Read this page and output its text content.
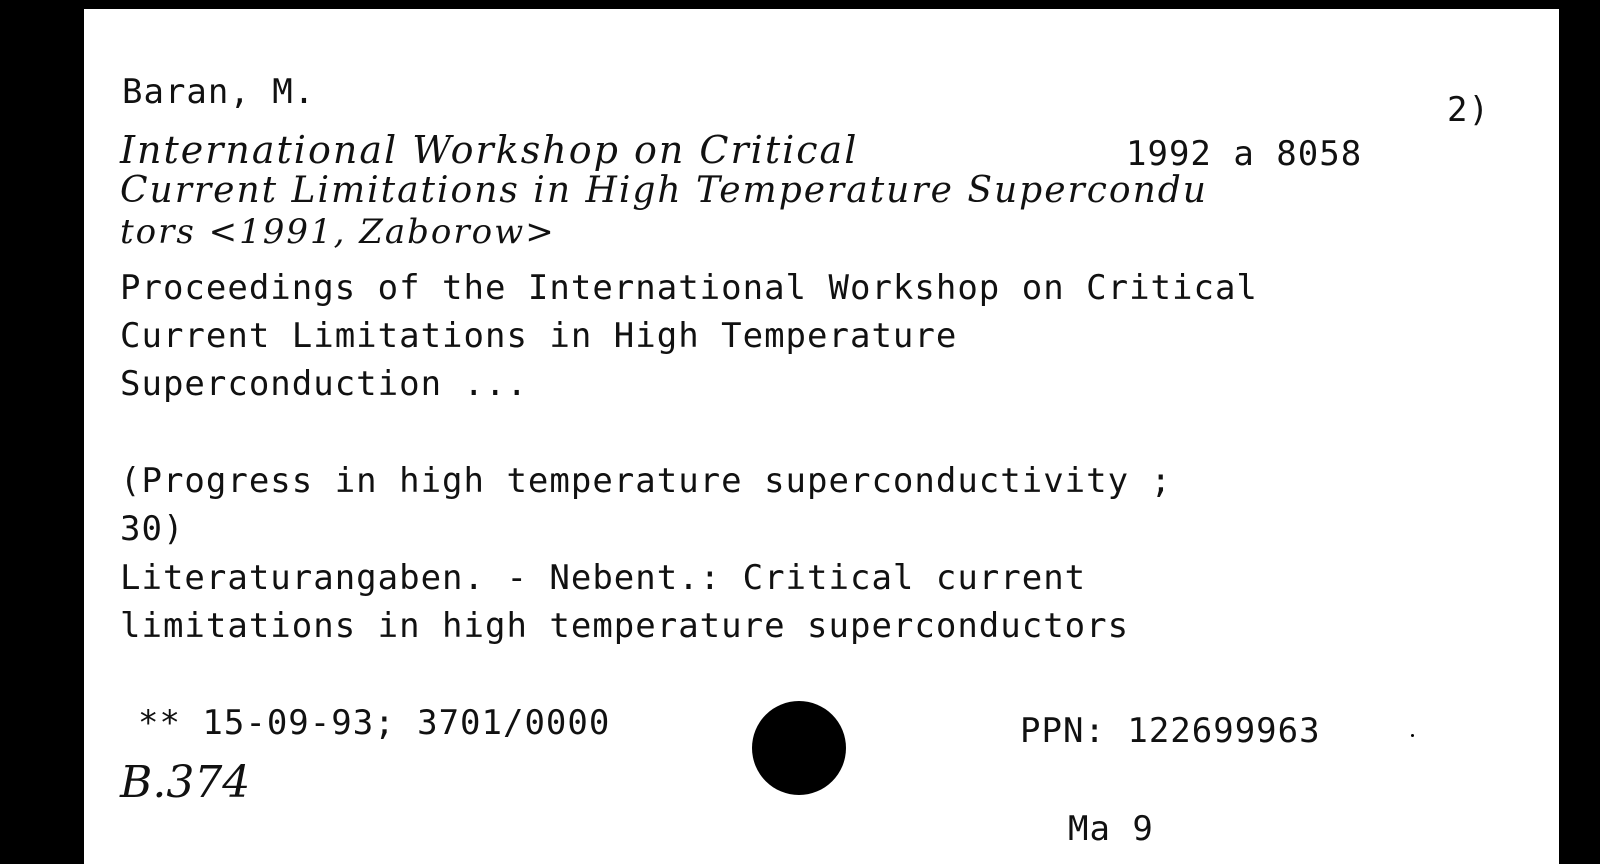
Baran, M.	2)
International Workshop on Critical	1992 a 8058
Current Limitations in High Temperature Supercondu
tors <1991, Zaborow>
Proceedings of the International Workshop on Critical
Current Limitations in High Temperature
Superconduction ...
(Progress in high temperature superconductivity ;
30)
Literaturangaben. - Nebent.: Critical current
limitations in high temperature superconductors
** 15-09-93; 3701/0000	PPN: 122699963
B.374
Ma 9
